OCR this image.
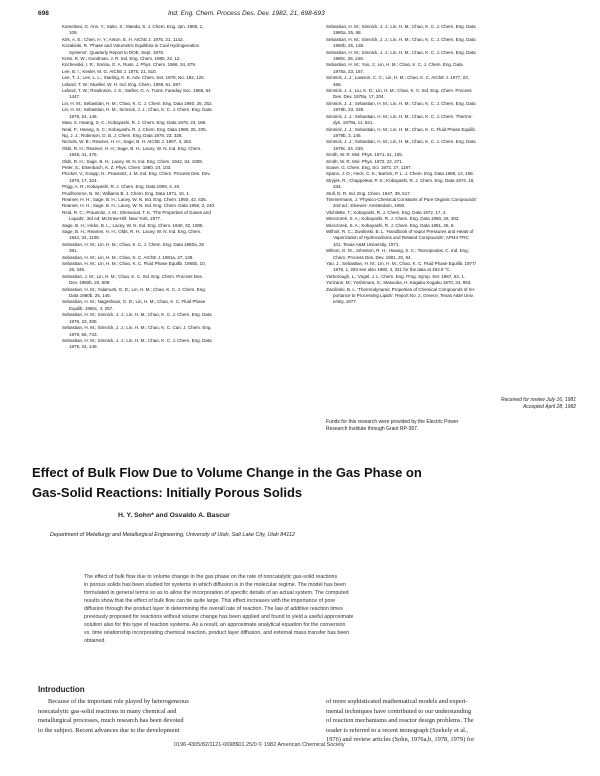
698	Ind. Eng. Chem. Process Des. Dev. 1982, 21, 698-693
Kameitani, G. Ann. Y.; Saito, S.; Maeda, S. J. Chem. Eng. Jpn. 1988, 1,
109.
Kirk, A. E.; Chen, H. Y.; Anton, E. H. AIChE J. 1975, 21, 1142.
Kozakinki, R. 'Phase and Volumetric Equilibria in Coal Hydrogenation
Systems'. Quarterly Report to DOE, Sept. 1978.
Kreis, R. W.; Goodman, J. R. Ind. Eng. Chem. 1980, 22, 12.
Krichevskii, I. R.; Sorina, G. A. Russ. J. Phys. Chem. 1966, 24, 879.
Lee, B. I.; Kesler, M. G. AIChE J. 1975, 21, 510.
Lee, T. J.; Lee, L. L.; Starling, K. E. Adv. Chem. Ser. 1979, No. 182, 125.
Leland, T. W.; Mueller, W. H. Ind. Eng. Chem. 1959, 51, 597.
Leland, T. W.; Rowlinson, J. S.; Sather, G. A. Trans. Faraday Soc. 1968, 64
1447.
Lin, H. M.; Sebastian, H. M.; Chao, K. C. J. Chem. Eng. Data 1980, 25, 252.
Lin, H. M.; Sebastian, H. M.; Simnick, J. J.; Chao, K. C. J. Chem. Eng. Data
1979, 24, 146.
Maw, S. Hwang, S. C.; Kobayashi, R. J. Chem. Eng. Data 1978, 23, 186.
Neal, F.; Hwang, S. C.; Kobayashi, R. J. Chem. Eng. Data 1980, 25, 205.
Ng, J. J.; Robinson, D. B. J. Chem. Eng. Data 1978, 23, 326.
Nichols, W. B.; Reamer, H. H.; Sage, B. H. AIChE J. 1957, 3, 262.
Olds, R. H.; Reamer, H. H.; Sage, B. H.; Lacey, W. N. Ind. Eng. Chem.
1949, 41, 475.
Olds, R. H.; Sage, B. H.; Lacey, W. N. Ind. Eng. Chem. 1942, 34, 1008.
Peter, S.; Eisenbach, K. Z. Phys. Chem. 1980, 24, 103.
Plocker, V.; Knapp, H.; Prausnitz, J. M. Ind. Eng. Chem. Process Des. Dev.
1978, 17, 324.
Prigg, A. R.; Kobayashi, R. J. Chem. Eng. Data 1959, 4, 40.
Prudhomme, N. W.; Williams B. J. Chem. Eng. Data 1971, 16, 1.
Reamer, H. H.; Sage, B. H.; Lacey, W. N. Ind. Eng. Chem. 1950, 42, 635.
Reamer, H. H.; Sage, B. H.; Lacey, W. N. Ind. Eng. Chem. Data 1958, 3, 240.
Reid, R. C.; Prausnitz, J. M.; Sherwood, T. K. 'The Properties of Gases and
Liquids', 3rd ed; McGraw-Hill: New York, 1977.
Sage, B. H.; Hicks, B. L.; Lacey, W. N. Ind. Eng. Chem. 1940, 32, 1085.
Sage, B. H.; Reamer, H. H.; Olds, R. H.; Lacey, W. N. Ind. Eng. Chem.
1942, 34, 1108.
Sebastian, H. M.; Lin, H. M.; Chao, K. C. J. Chem. Eng. Data 1980a, 25
381.
Sebastian, H. M.; Lin, H. M.; Chao, K. C. AIChE J. 1981a, 27, 138.
Sebastian, H. M.; Lin, H. M.; Chao, K. C. Fluid Phase Equilib. 1980b, 10,
26, 346.
Sebastian, J. M.; Lin, H. M.; Chao, K. C. Ind. Eng. Chem. Process Des.
Dev. 1980b, 20, 508.
Sebastian, H. M.; Yalamurti, G. D.; Lin, H. M.; Chao, K. C. J. Chem. Eng.
Data 1980b, 25, 145.
Sebastian, H. M.; Nageshwar, G. D.; Lin, H. M.; Chao, K. C. Fluid Phase
Equilib. 1980c, 4, 257.
Sebastian, H. M.; Simnick, J. J.; Lin, H. M.; Chao, K. C. J. Chem. Eng. Data
1978, 23, 305.
Sebastian, H. M.; Simnick, J. J.; Lin, H. M.; Chao, K. C. Can. J. Chem. Eng.
1978, 56, 743.
Sebastian, H. M.; Simnick, J. J.; Lin, H. M.; Chao, K. C. J. Chem. Eng. Data
1979, 24, 149.
Sebastian, H. M.; Simnick, J. J.; Lin, H. M.; Chao, K. C. J. Chem. Eng. Data
1980a, 25, 68.
Sebastian, H. M.; Simnick, J. J.; Lin, H. M.; Chao, K. C. J. Chem. Eng. Data
1980b, 25, 138.
Sebastian, H. M.; Simnick, J. J.; Lin, H. M.; Chao, K. C. J. Chem. Eng. Data
1980c, 25, 246.
Sebastian, H. M.; Yao, J.; Lin, H. M.; Chao, K. C. J. Chem. Eng. Data
1978a, 23, 167.
Simnick, J. J.; Lawson, C. C.; Lin, H. M.; Chao, K. C. AIChE J. 1977, 23,
469.
Simnick, J. J.; Liu, K. D.; Lin, H. M.; Chao, K. C. Ind. Eng. Chem. Process
Des. Dev. 1978a, 17, 204.
Simnick, J. J.; Sebastian, H. M.; Lin, H. M.; Chao, K. C. J. Chem. Eng. Data
1978b, 23, 339.
Simnick, J. J.; Sebastian, H. M.; Lin, H. M.; Chao, K. C. J. Chem. Thermo-
dyn. 1979a, 11, 531.
Simnick, J. J.; Sebastian, H. M.; Lin, H. M.; Chao, K. C. Fluid Phase Equilib.
1979b, 3, 145.
Simnick, J. J.; Sebastian, H. M.; Lin, H. M.; Chao, K. C. J. Chem. Eng. Data
1979c, 24, 239.
Smith, W. R. Mol. Phys. 1971, 21, 105.
Smith, W. R. Mol. Phys. 1972, 22, 271.
Soave, G. Chem. Eng. Sci. 1972, 27, 1197.
Spano, J. O.; Heck, C. K.; Barrick, P. L. J. Chem. Eng. Data 1968, 13, 168.
Stryjek, R.; Chappelear, P. S.; Kobayashi, R. J. Chem. Eng. Data 1974, 19,
334.
Stull, D. R. Ind. Eng. Chem. 1947, 39, 517.
Timmermans, J. 'Physico-Chemical Constants of Pure Organic Compounds'
2nd ed.; Elsevier: Amsterdam, 1950.
Vilchilette, T.; Kobayashi, R. J. Chem. Eng. Data 1972, 17, 4.
Wieczorek, S. A.; Kobayashi, R. J. Chem. Eng. Data 1980, 25, 302.
Wieczorek, S. A.; Kobayashi, R. J. Chem. Eng. Data 1981, 26, 8.
Wilhoit, R. C.; Zwolinski, B. L. 'Handbook of Vapor Pressures and Heats of
Vaporization of Hydrocarbons and Related Compounds'; API44-TRC
101. Texas A&M University, 1971.
Wilson, G. M.; Johnston, R. H.; Hwang, S. C.; Tsonopoulos, C. Ind. Eng.
Chem. Process Des. Dev. 1981, 20, 94.
Yao, J.; Sebastian, H. M.; Lin, H. M.; Chao, K. C. Fluid Phase Equilib. 1977/
1978, 1, 293 see also 1980, 4, 321 for the data at 453.9 °C.
Yarborough, L.; Vogel, J. L. Chem. Eng. Prog. Symp. Ser. 1967, 63, 1.
Yorizane, M.; Yoshimura, S.; Masuoka, H. Kagaku Kogaku 1970, 34, 953.
Zwolinski, B. L. 'Thermodynamic Properties of Chemical Compounds of Im-
portance to Processing Lipids'. Report No. 2, Greece, Texas A&M Univ.
ersity, 1977.
Received for review July 16, 1981
Accepted April 28, 1982
Funds for this research were provided by the Electric Power
Research Institute through Grant RP-367.
Effect of Bulk Flow Due to Volume Change in the Gas Phase on
Gas-Solid Reactions: Initially Porous Solids
H. Y. Sohn* and Osvaldo A. Bascur
Department of Metallurgy and Metallurgical Engineering, University of Utah, Salt Lake City, Utah 84112
The effect of bulk flow due to volume change in the gas phase on the rate of noncatalytic gas-solid reactions
in porous solids has been studied for systems in which diffusion is in the molecular regime. The model has been
formulated in general terms so as to allow the incorporation of specific details of an actual system. The computed
results show that the effect of bulk flow can be quite large. This effect increases with the importance of pore
diffusion through the product layer in determining the overall rate of reaction. The law of additive reaction times
previously proposed for reactions without volume change has been applied and found to yield a useful approximate
solution also for this type of reaction systems. As a result, an approximate analytical equation for the conversion
vs. time relationship incorporating chemical reaction, product layer diffusion, and external mass transfer has been
obtained.
Introduction
Because of the important role played by heterogeneous
noncatalytic gas-solid reactions in many chemical and
metallurgical processes, much research has been devoted
to the subject. Recent advances due to the development
of more sophisticated mathematical models and experi-
mental techniques have contributed to our understanding
of reaction mechanisms and reactor design problems. The
reader is referred to a recent monograph (Szekely et al.,
1976) and review articles (Sohn, 1976a,b, 1978, 1979) for
0196-4305/82/1121-0698$01.25/0 © 1982 American Chemical Society
